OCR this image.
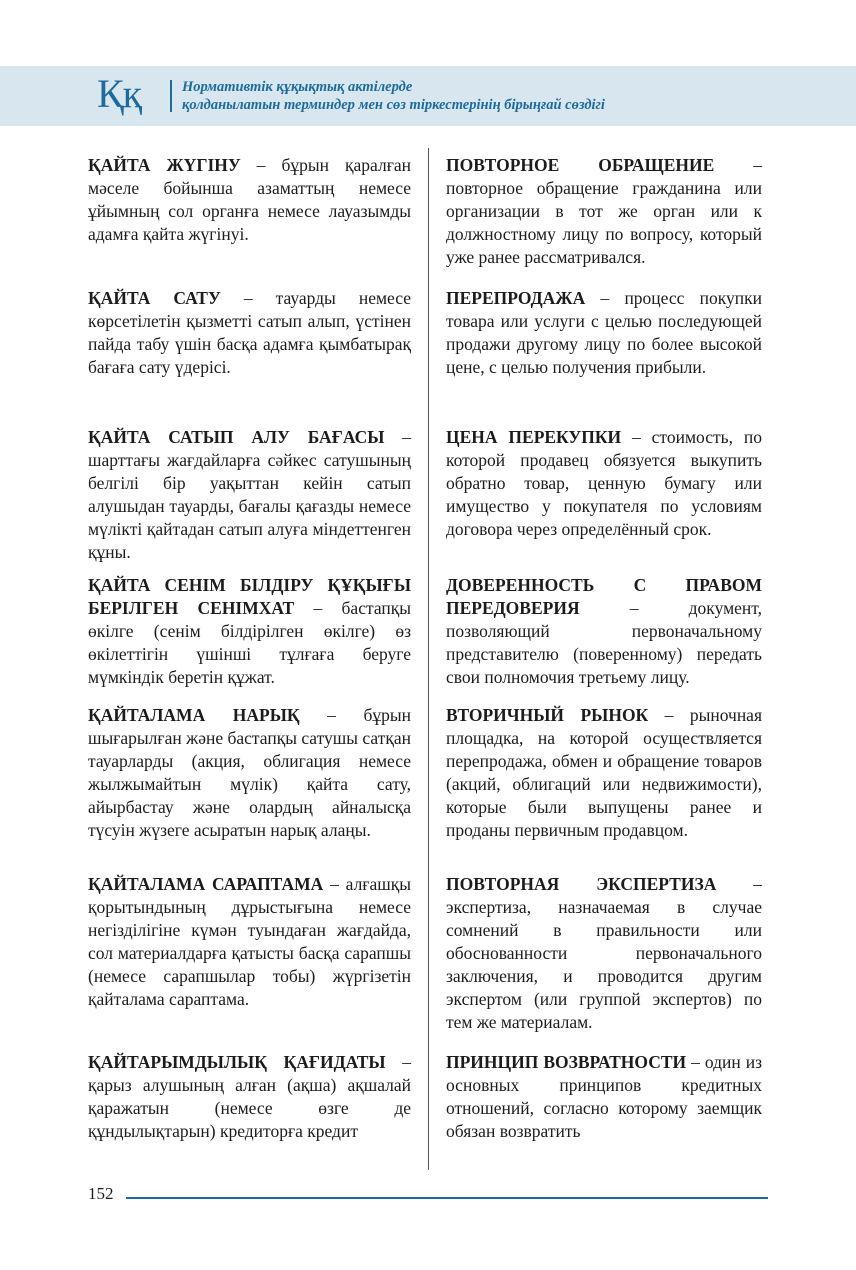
Ққ	Нормативтік құқықтық актілерде
қолданылатын терминдер мен сөз тіркестерінің бірыңғай сөздігі
ҚАЙТА ЖҮГІНУ – бұрын қаралған мәселе бойынша азаматтың немесе ұйымның сол органға немесе лауазымды адамға қайта жүгінуі.
ПОВТОРНОЕ ОБРАЩЕНИЕ – повторное обращение гражданина или организации в тот же орган или к должностному лицу по вопросу, который уже ранее рассматривался.
ҚАЙТА САТУ – тауарды немесе көрсетілетін қызметті сатып алып, үстінен пайда табу үшін басқа адамға қымбатырақ бағаға сату үдерісі.
ПЕРЕПРОДАЖА – процесс покупки товара или услуги с целью последующей продажи другому лицу по более высокой цене, с целью получения прибыли.
ҚАЙТА САТЫП АЛУ БАҒАСЫ – шарттағы жағдайларға сәйкес сатушының белгілі бір уақыттан кейін сатып алушыдан тауарды, бағалы қағазды немесе мүлікті қайтадан сатып алуға міндеттенген құны.
ЦЕНА ПЕРЕКУПКИ – стоимость, по которой продавец обязуется выкупить обратно товар, ценную бумагу или имущество у покупателя по условиям договора через определённый срок.
ҚАЙТА СЕНІМ БІЛДІРУ ҚҰҚЫҒЫ БЕРІЛГЕН СЕНІМХАТ – бастапқы өкілге (сенім білдірілген өкілге) өз өкілеттігін үшінші тұлғаға беруге мүмкіндік беретін құжат.
ДОВЕРЕННОСТЬ С ПРАВОМ ПЕРЕДОВЕРИЯ – документ, позволяющий первоначальному представителю (поверенному) передать свои полномочия третьему лицу.
ҚАЙТАЛАМА НАРЫҚ – бұрын шығарылған және бастапқы сатушы сатқан тауарларды (акция, облигация немесе жылжымайтын мүлік) қайта сату, айырбастау және олардың айналысқа түсуін жүзеге асыратын нарық алаңы.
ВТОРИЧНЫЙ РЫНОК – рыночная площадка, на которой осуществляется перепродажа, обмен и обращение товаров (акций, облигаций или недвижимости), которые были выпущены ранее и проданы первичным продавцом.
ҚАЙТАЛАМА САРАПТАМА – алғашқы қорытындының дұрыстығына немесе негізділігіне күмән туындаған жағдайда, сол материалдарға қатысты басқа сарапшы (немесе сарапшылар тобы) жүргізетін қайталама сараптама.
ПОВТОРНАЯ ЭКСПЕРТИЗА – экспертиза, назначаемая в случае сомнений в правильности или обоснованности первоначального заключения, и проводится другим экспертом (или группой экспертов) по тем же материалам.
ҚАЙТАРЫМДЫЛЫҚ ҚАҒИДАТЫ – қарыз алушының алған (ақша) ақшалай қаражатын (немесе өзге де құндылықтарын) кредиторға кредит
ПРИНЦИП ВОЗВРАТНОСТИ – один из основных принципов кредитных отношений, согласно которому заемщик обязан возвратить
152
